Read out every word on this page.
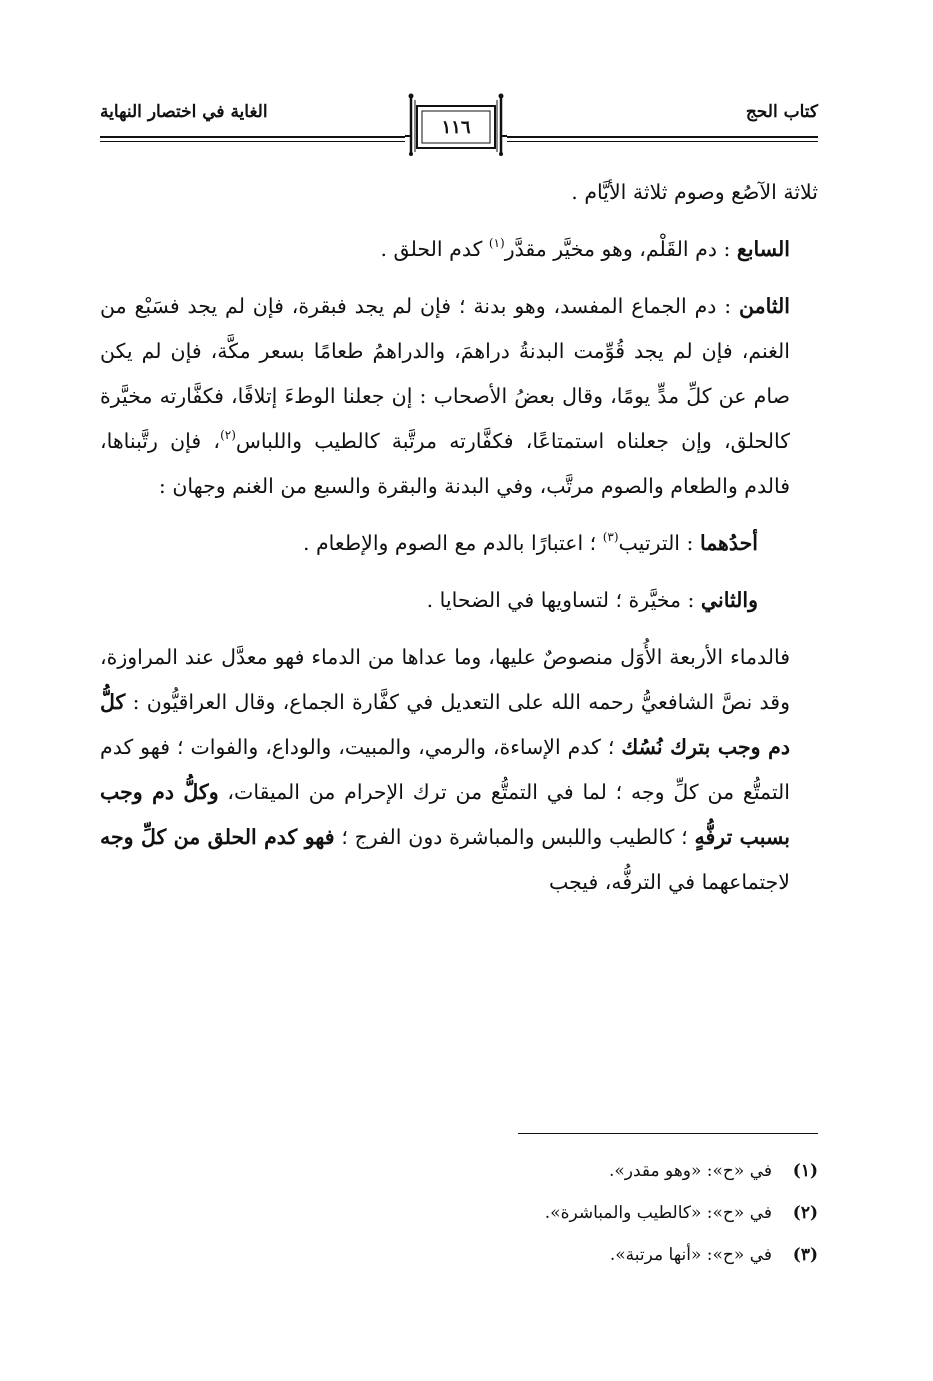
كتاب الحج
الغاية في اختصار النهاية
١١٦

ثلاثة الآصُع وصوم ثلاثة الأيَّام .

السابع : دم القَلْم، وهو مخيَّر مقدَّر$^{(١)}$ كدم الحلق .

الثامن : دم الجماع المفسد، وهو بدنة ؛ فإن لم يجد فبقرة، فإن لم يجد فسَبْع من الغنم، فإن لم يجد قُوِّمت البدنةُ دراهمَ، والدراهمُ طعامًا بسعر مكَّة، فإن لم يكن صام عن كلِّ مدٍّ يومًا، وقال بعضُ الأصحاب : إن جعلنا الوطءَ إتلافًا، فكفَّارته مخيَّرة كالحلق، وإن جعلناه استمتاعًا، فكفَّارته مرتَّبة كالطيب واللباس$^{(٢)}$، فإن رتَّبناها، فالدم والطعام والصوم مرتَّب، وفي البدنة والبقرة والسبع من الغنم وجهان :

أحدُهما : الترتيب$^{(٣)}$ ؛ اعتبارًا بالدم مع الصوم والإطعام .

والثاني : مخيَّرة ؛ لتساويها في الضحايا .

فالدماء الأربعة الأُوَل منصوصٌ عليها، وما عداها من الدماء فهو معدَّل عند المراوزة، وقد نصَّ الشافعيُّ رحمه الله على التعديل في كفَّارة الجماع، وقال العراقيُّون : كلُّ دم وجب بترك نُسُك ؛ كدم الإساءة، والرمي، والمبيت، والوداع، والفوات ؛ فهو كدم التمتُّع من كلِّ وجه ؛ لما في التمتُّع من ترك الإحرام من الميقات، وكلُّ دم وجب بسبب ترفُّهٍ ؛ كالطيب واللبس والمباشرة دون الفرج ؛ فهو كدم الحلق من كلِّ وجه لاجتماعهما في الترفُّه، فيجب

(١)في «ح»: «وهو مقدر».
(٢)في «ح»: «كالطيب والمباشرة».
(٣)في «ح»: «أنها مرتبة».
